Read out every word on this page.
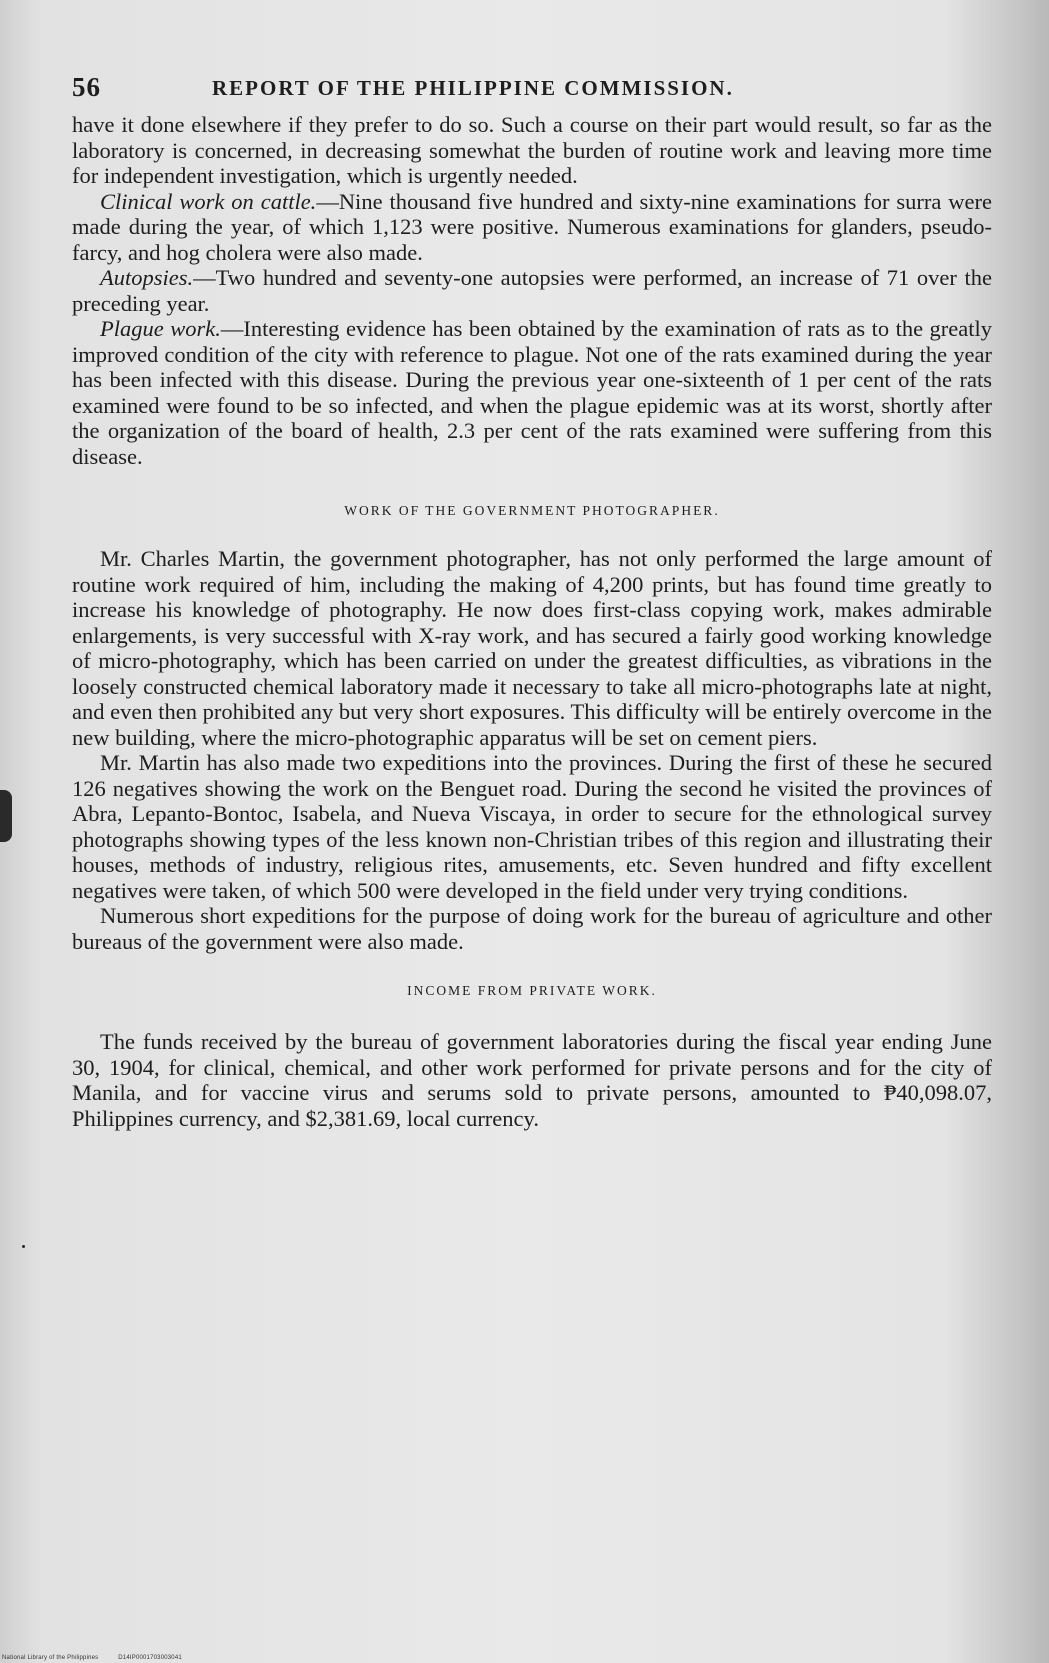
56	REPORT OF THE PHILIPPINE COMMISSION.

have it done elsewhere if they prefer to do so. Such a course on their part would result, so far as the laboratory is concerned, in decreasing somewhat the burden of routine work and leaving more time for independent investigation, which is urgently needed.

Clinical work on cattle.—Nine thousand five hundred and sixty-nine examinations for surra were made during the year, of which 1,123 were positive. Numerous examinations for glanders, pseudo-farcy, and hog cholera were also made.

Autopsies.—Two hundred and seventy-one autopsies were performed, an increase of 71 over the preceding year.

Plague work.—Interesting evidence has been obtained by the examination of rats as to the greatly improved condition of the city with reference to plague. Not one of the rats examined during the year has been infected with this disease. During the previous year one-sixteenth of 1 per cent of the rats examined were found to be so infected, and when the plague epidemic was at its worst, shortly after the organization of the board of health, 2.3 per cent of the rats examined were suffering from this disease.

WORK OF THE GOVERNMENT PHOTOGRAPHER.

Mr. Charles Martin, the government photographer, has not only performed the large amount of routine work required of him, including the making of 4,200 prints, but has found time greatly to increase his knowledge of photography. He now does first-class copying work, makes admirable enlargements, is very successful with X-ray work, and has secured a fairly good working knowledge of micro-photography, which has been carried on under the greatest difficulties, as vibrations in the loosely constructed chemical laboratory made it necessary to take all micro-photographs late at night, and even then prohibited any but very short exposures. This difficulty will be entirely overcome in the new building, where the micro-photographic apparatus will be set on cement piers.

Mr. Martin has also made two expeditions into the provinces. During the first of these he secured 126 negatives showing the work on the Benguet road. During the second he visited the provinces of Abra, Lepanto-Bontoc, Isabela, and Nueva Viscaya, in order to secure for the ethnological survey photographs showing types of the less known non-Christian tribes of this region and illustrating their houses, methods of industry, religious rites, amusements, etc. Seven hundred and fifty excellent negatives were taken, of which 500 were developed in the field under very trying conditions.

Numerous short expeditions for the purpose of doing work for the bureau of agriculture and other bureaus of the government were also made.

INCOME FROM PRIVATE WORK.

The funds received by the bureau of government laboratories during the fiscal year ending June 30, 1904, for clinical, chemical, and other work performed for private persons and for the city of Manila, and for vaccine virus and serums sold to private persons, amounted to ₱40,098.07, Philippines currency, and $2,381.69, local currency.

National Library of the Philippines	D14IP0001703003041
